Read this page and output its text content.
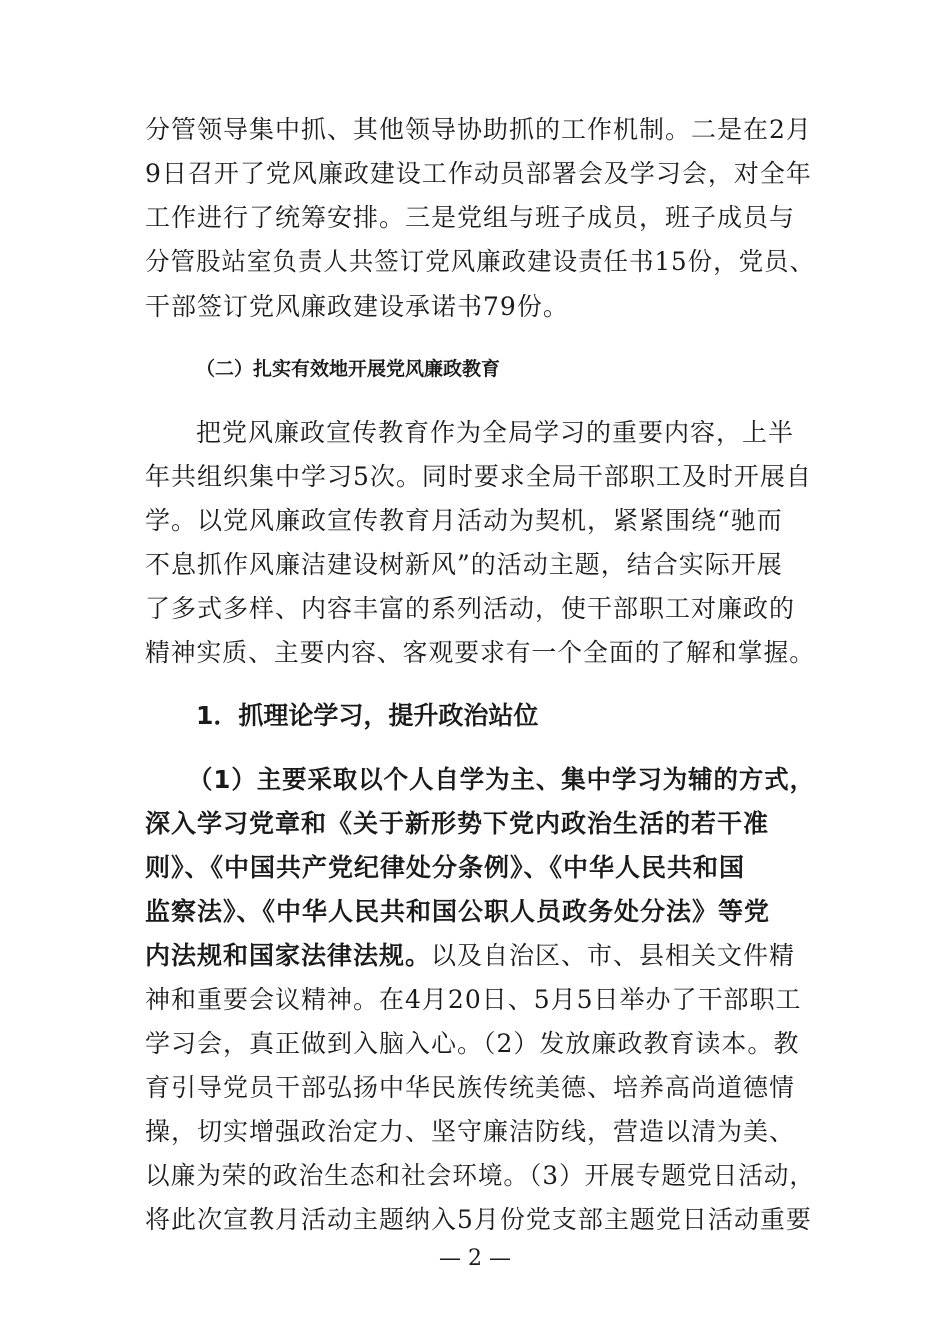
分管领导集中抓、其他领导协助抓的工作机制。二是在2月
9日召开了党风廉政建设工作动员部署会及学习会，对全年
工作进行了统筹安排。三是党组与班子成员，班子成员与
分管股站室负责人共签订党风廉政建设责任书15份，党员、
干部签订党风廉政建设承诺书79份。
（二）扎实有效地开展党风廉政教育
把党风廉政宣传教育作为全局学习的重要内容，上半
年共组织集中学习5次。同时要求全局干部职工及时开展自
学。以党风廉政宣传教育月活动为契机，紧紧围绕“驰而
不息抓作风廉洁建设树新风”的活动主题，结合实际开展
了多式多样、内容丰富的系列活动，使干部职工对廉政的
精神实质、主要内容、客观要求有一个全面的了解和掌握。
1．抓理论学习，提升政治站位
（1）主要采取以个人自学为主、集中学习为辅的方式，
深入学习党章和《关于新形势下党内政治生活的若干准
则》、《中国共产党纪律处分条例》、《中华人民共和国
监察法》、《中华人民共和国公职人员政务处分法》等党
内法规和国家法律法规。以及自治区、市、县相关文件精
神和重要会议精神。在4月20日、5月5日举办了干部职工
学习会，真正做到入脑入心。（2）发放廉政教育读本。教
育引导党员干部弘扬中华民族传统美德、培养高尚道德情
操，切实增强政治定力、坚守廉洁防线，营造以清为美、
以廉为荣的政治生态和社会环境。（3）开展专题党日活动，
将此次宣教月活动主题纳入5月份党支部主题党日活动重要
— 2 —
